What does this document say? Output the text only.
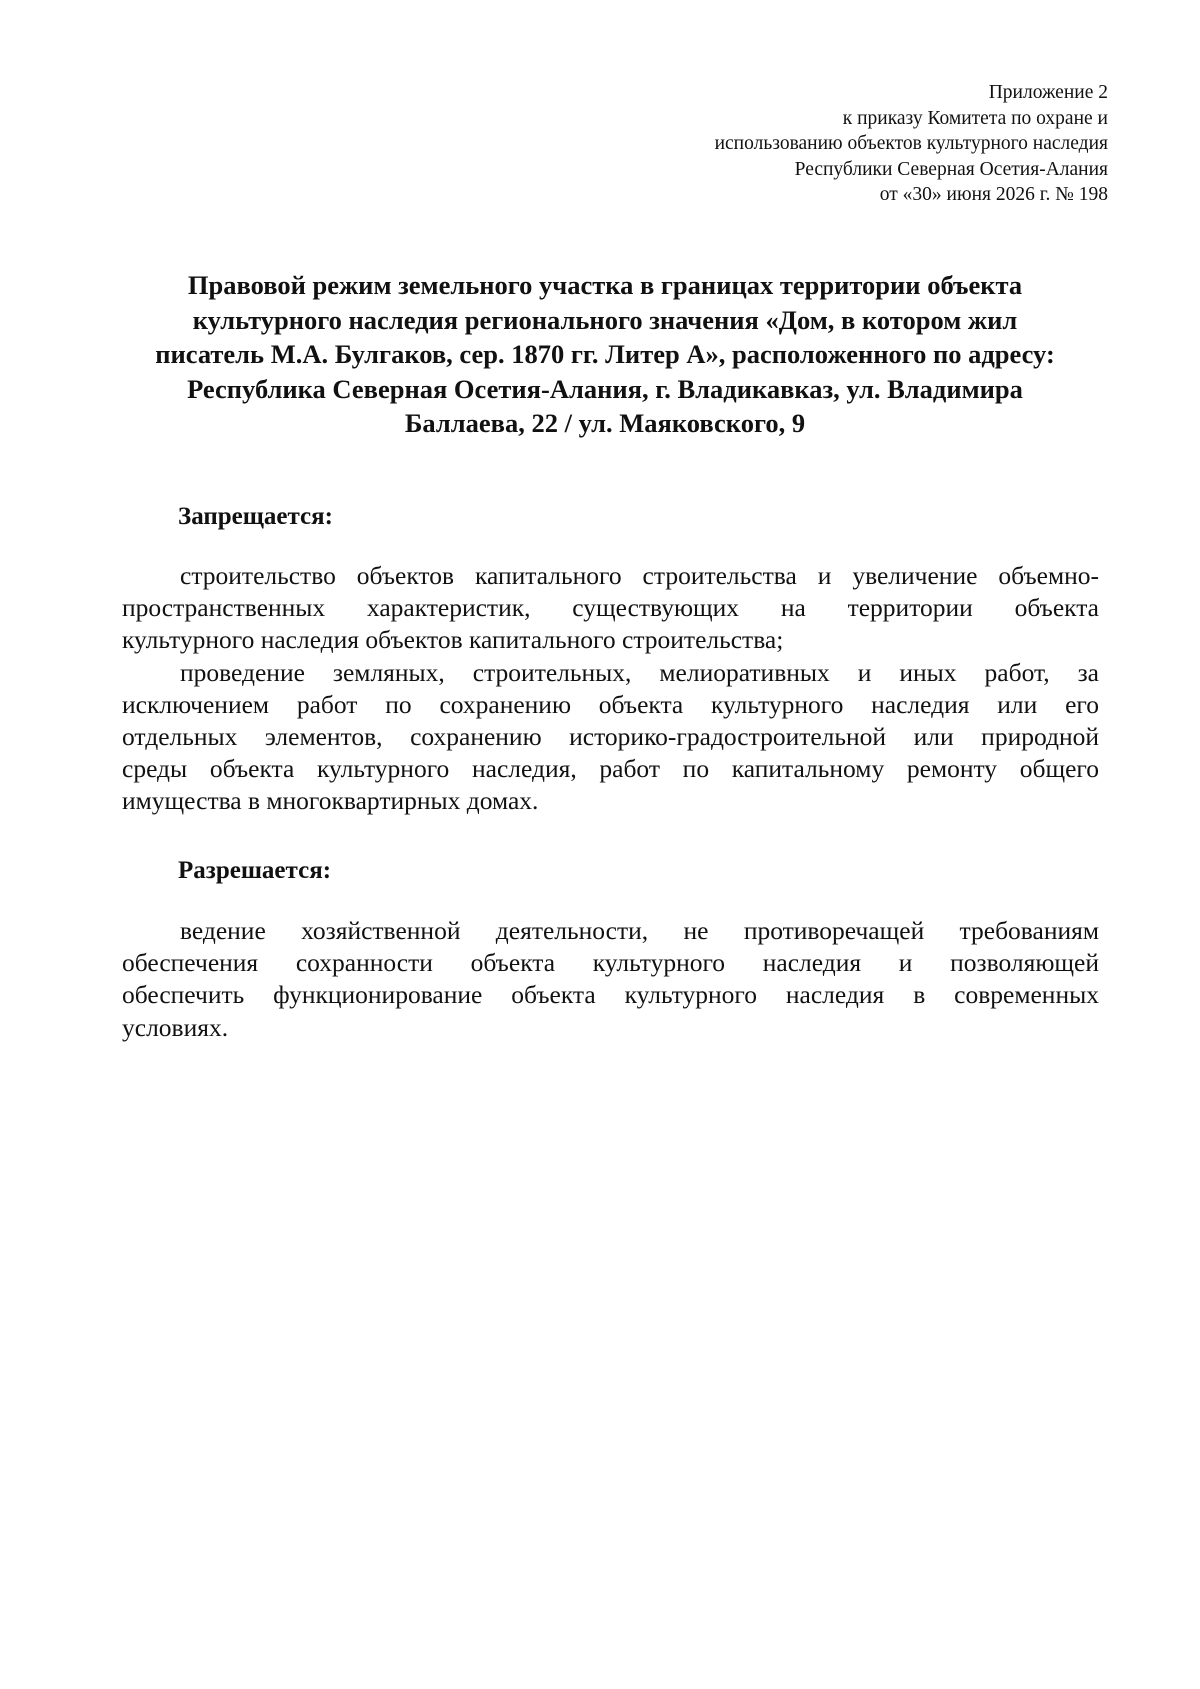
Приложение 2
к приказу Комитета по охране и
использованию объектов культурного наследия
Республики Северная Осетия-Алания
от «30» июня 2026 г. № 198
Правовой режим земельного участка в границах территории объекта
культурного наследия регионального значения «Дом, в котором жил
писатель М.А. Булгаков, сер. 1870 гг. Литер А», расположенного по адресу:
Республика Северная Осетия-Алания, г. Владикавказ, ул. Владимира
Баллаева, 22 / ул. Маяковского, 9
Запрещается:
строительство объектов капитального строительства и увеличение объемно-
пространственных характеристик, существующих на территории объекта
культурного наследия объектов капитального строительства;
проведение земляных, строительных, мелиоративных и иных работ, за
исключением работ по сохранению объекта культурного наследия или его
отдельных элементов, сохранению историко-градостроительной или природной
среды объекта культурного наследия, работ по капитальному ремонту общего
имущества в многоквартирных домах.
Разрешается:
ведение хозяйственной деятельности, не противоречащей требованиям
обеспечения сохранности объекта культурного наследия и позволяющей
обеспечить функционирование объекта культурного наследия в современных
условиях.
